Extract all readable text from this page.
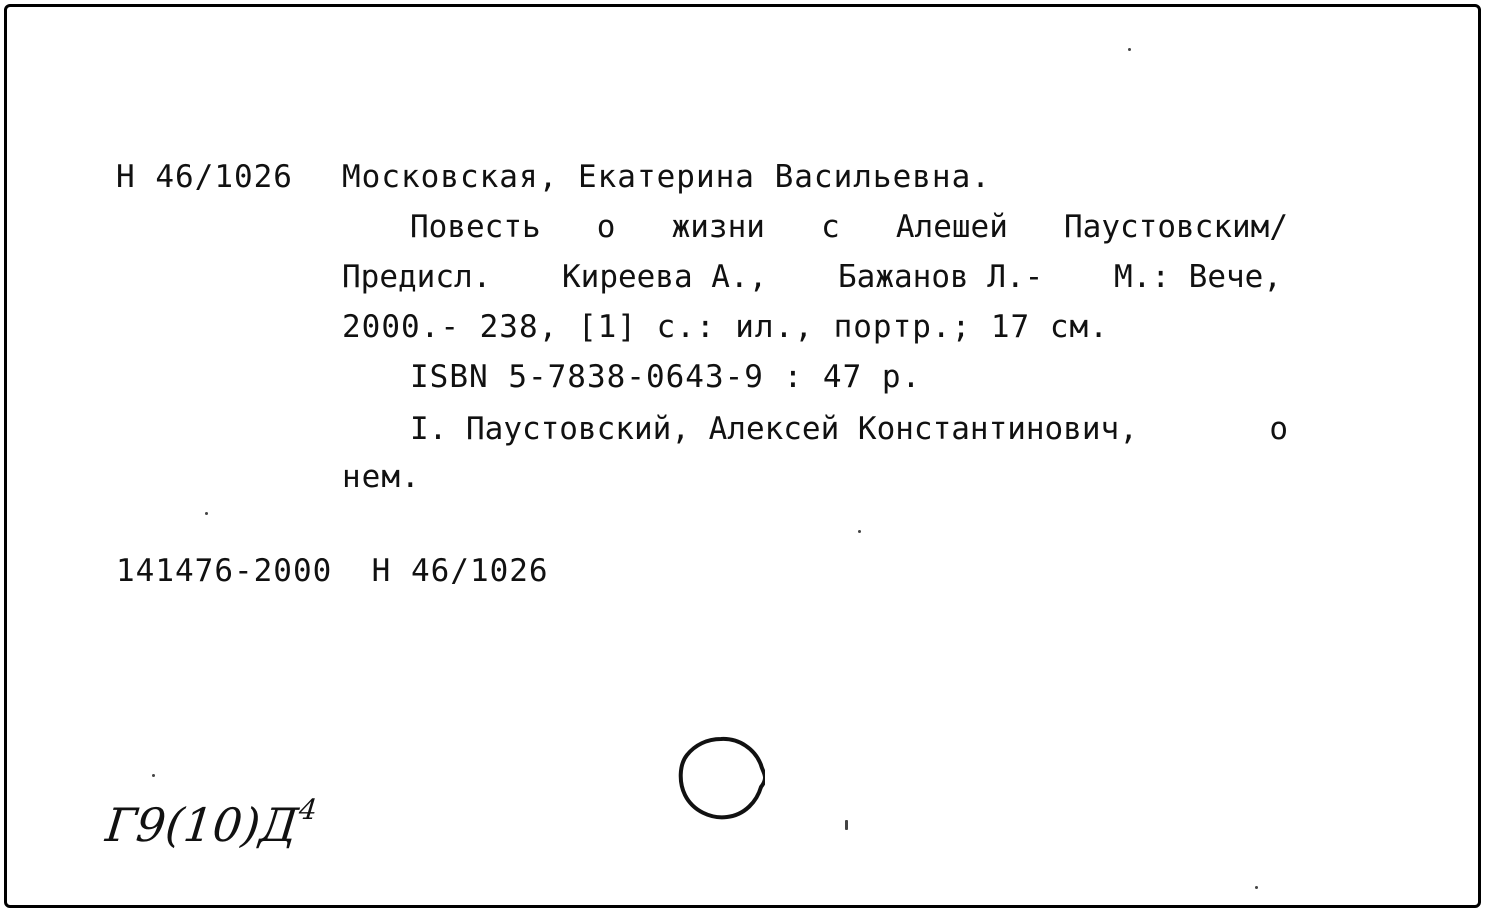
Н 46/1026 Московская, Екатерина Васильевна.
Повесть о жизни с Алешей Паустовским/
Предисл. Киреева А., Бажанов Л.- М.: Вече,
2000.- 238, [1] с.: ил., портр.; 17 см.
ISBN 5-7838-0643-9 : 47 р.
I. Паустовский, Алексей Константинович,	о
нем.
141476-2000  Н 46/1026
$Г9(10)Д^4$
